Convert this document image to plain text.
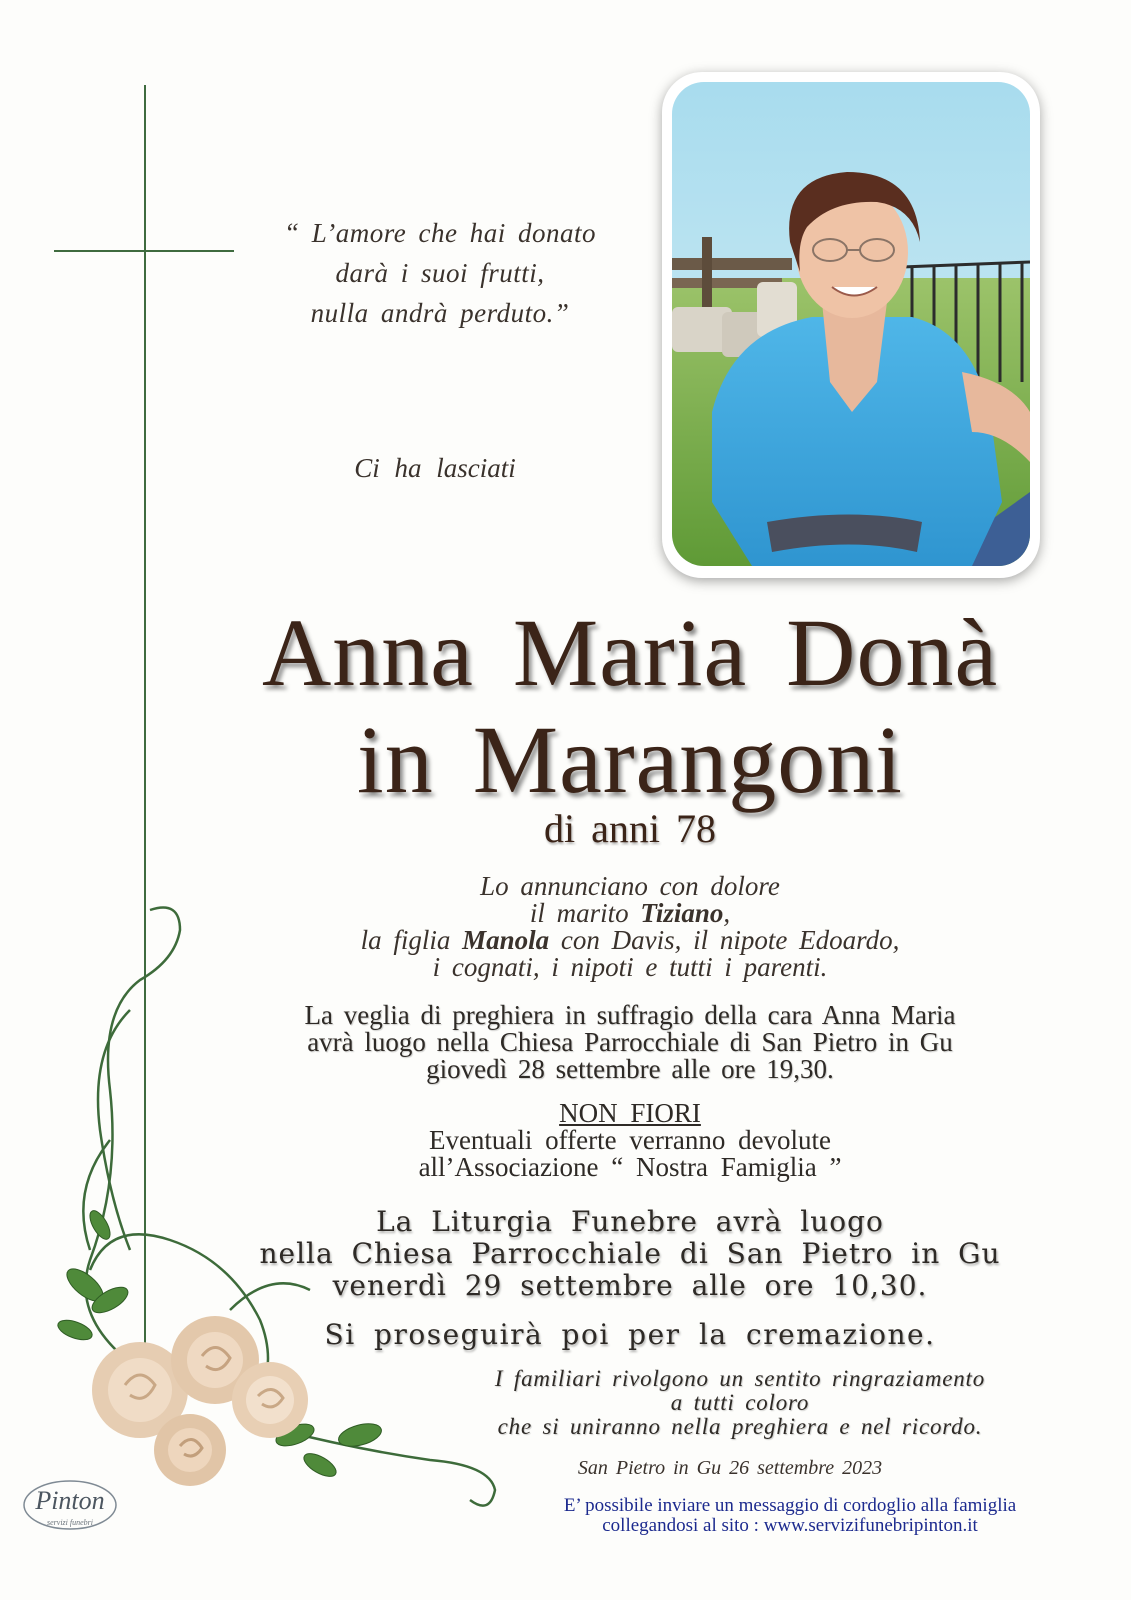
“ L’amore che hai donato
darà i suoi frutti,
nulla andrà perduto.”
Ci ha lasciati
Anna Maria Donà
in Marangoni
di anni 78
Lo annunciano con dolore
il marito Tiziano,
la figlia Manola con Davis, il nipote Edoardo,
i cognati, i nipoti e tutti i parenti.
La veglia di preghiera in suffragio della cara Anna Maria
avrà luogo nella Chiesa Parrocchiale di San Pietro in Gu
giovedì 28 settembre alle ore 19,30.
NON FIORI
Eventuali offerte verranno devolute
all’Associazione “ Nostra Famiglia ”
La Liturgia Funebre avrà luogo
nella Chiesa Parrocchiale di San Pietro in Gu
venerdì 29 settembre alle ore 10,30.
Si proseguirà poi per la cremazione.
I familiari rivolgono un sentito ringraziamento
a tutti coloro
che si uniranno nella preghiera e nel ricordo.
San Pietro in Gu 26 settembre 2023
E’ possibile inviare un messaggio di cordoglio alla famiglia
collegandosi al sito : www.servizifunebripinton.it
Pinton
servizi funebri
